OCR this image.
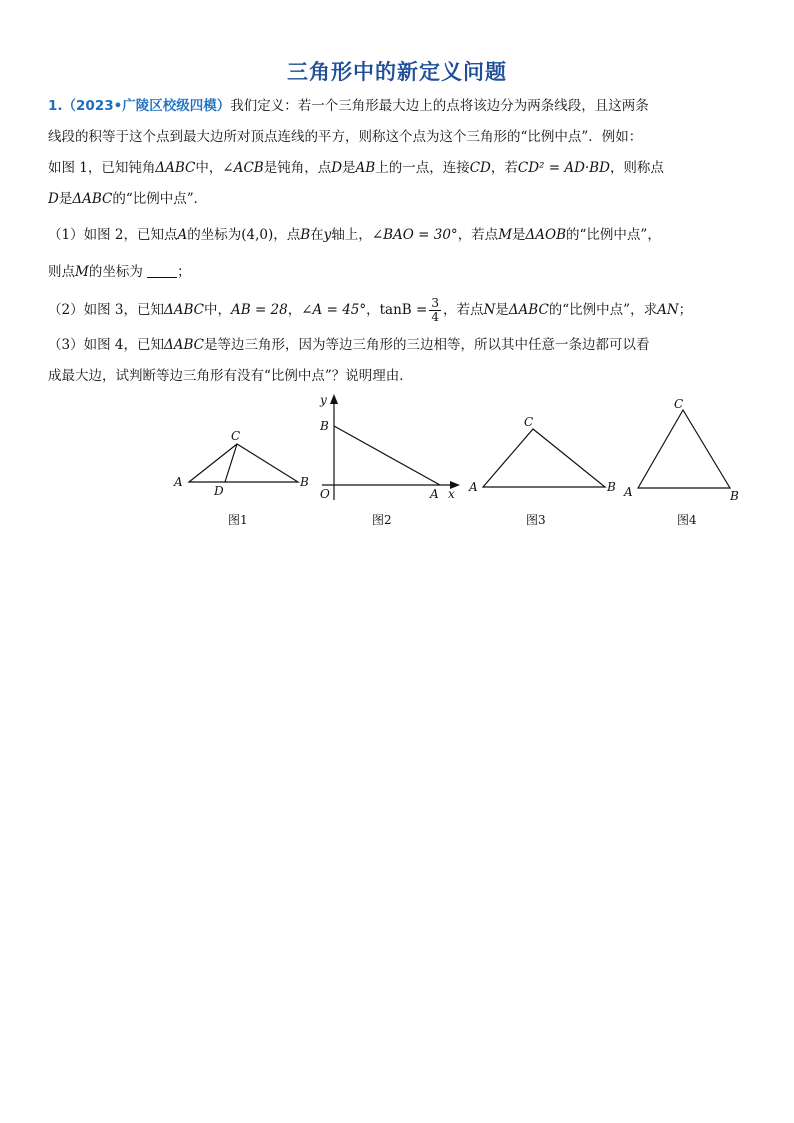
三角形中的新定义问题
1.（2023•广陵区校级四模）我们定义：若一个三角形最大边上的点将该边分为两条线段，且这两条
线段的积等于这个点到最大边所对顶点连线的平方，则称这个点为这个三角形的“比例中点”．例如：
如图 1，已知钝角ΔABC中，∠ACB是钝角，点D是AB上的一点，连接CD，若CD² = AD·BD，则称点
D是ΔABC的“比例中点”．
（1）如图 2，已知点A的坐标为(4,0)，点B在y轴上，∠BAO = 30°，若点M是ΔAOB的“比例中点”，
则点M的坐标为	；
（2）如图 3，已知ΔABC中，AB = 28，∠A = 45°，$\tan B = \frac{3}{4}$ ，若点N是ΔABC的“比例中点”，求AN；
（3）如图 4，已知ΔABC是等边三角形，因为等边三角形的三边相等，所以其中任意一条边都可以看
成最大边，试判断等边三角形有没有“比例中点”？说明理由．
A	B
C
D
图1
y
B
O	A x
图2
A	B
C
图3
A	B
C
图4
